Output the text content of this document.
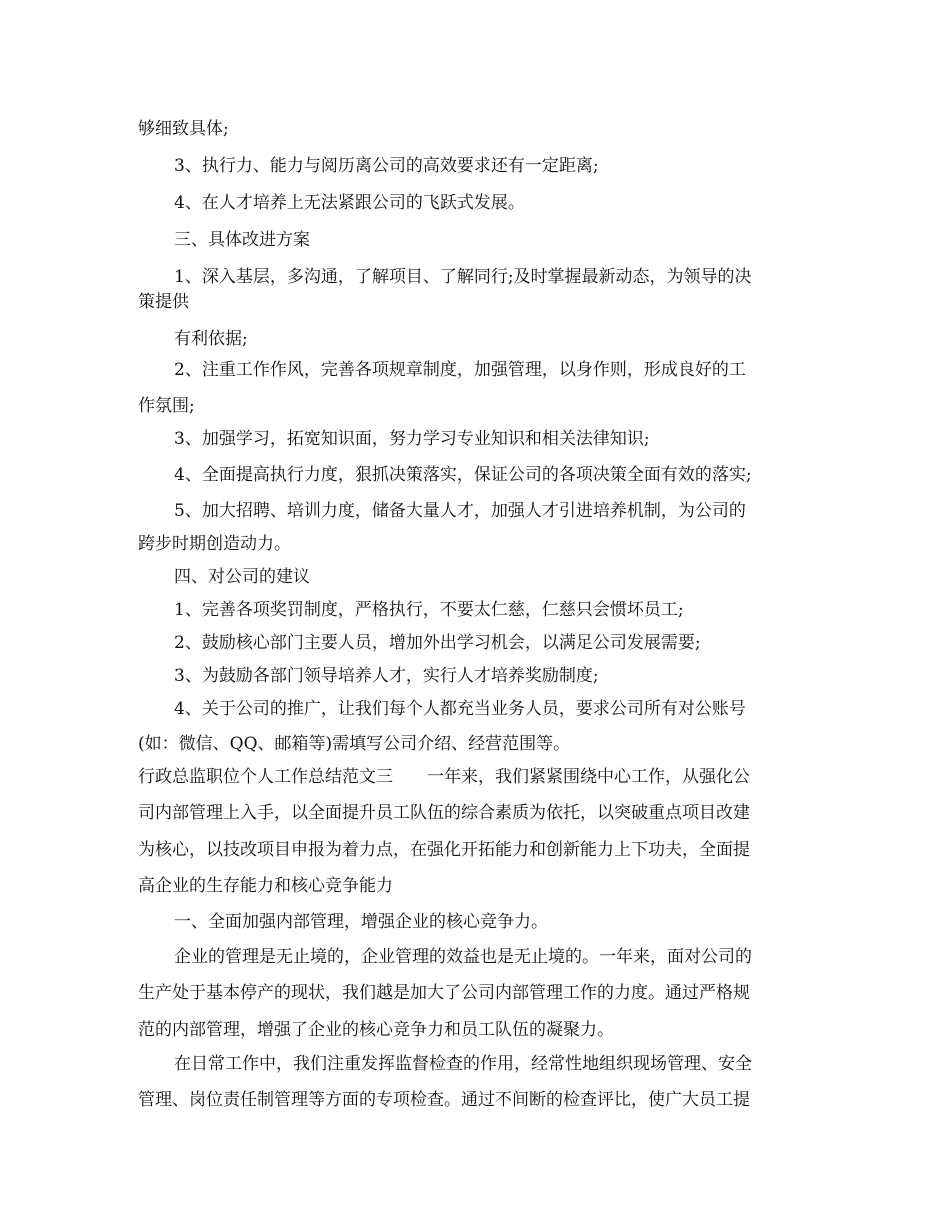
够细致具体;
3、执行力、能力与阅历离公司的高效要求还有一定距离;
4、在人才培养上无法紧跟公司的飞跃式发展。
三、具体改进方案
1、深入基层，多沟通，了解项目、了解同行;及时掌握最新动态，为领导的决
策提供
有利依据;
2、注重工作作风，完善各项规章制度，加强管理，以身作则，形成良好的工
作氛围;
3、加强学习，拓宽知识面，努力学习专业知识和相关法律知识;
4、全面提高执行力度，狠抓决策落实，保证公司的各项决策全面有效的落实;
5、加大招聘、培训力度，储备大量人才，加强人才引进培养机制，为公司的
跨步时期创造动力。
四、对公司的建议
1、完善各项奖罚制度，严格执行，不要太仁慈，仁慈只会惯坏员工;
2、鼓励核心部门主要人员，增加外出学习机会，以满足公司发展需要;
3、为鼓励各部门领导培养人才，实行人才培养奖励制度;
4、关于公司的推广，让我们每个人都充当业务人员，要求公司所有对公账号
(如：微信、QQ、邮箱等)需填写公司介绍、经营范围等。
行政总监职位个人工作总结范文三　　一年来，我们紧紧围绕中心工作，从强化公
司内部管理上入手，以全面提升员工队伍的综合素质为依托，以突破重点项目改建
为核心，以技改项目申报为着力点，在强化开拓能力和创新能力上下功夫，全面提
高企业的生存能力和核心竞争能力
一、全面加强内部管理，增强企业的核心竞争力。
企业的管理是无止境的，企业管理的效益也是无止境的。一年来，面对公司的
生产处于基本停产的现状，我们越是加大了公司内部管理工作的力度。通过严格规
范的内部管理，增强了企业的核心竞争力和员工队伍的凝聚力。
在日常工作中，我们注重发挥监督检查的作用，经常性地组织现场管理、安全
管理、岗位责任制管理等方面的专项检查。通过不间断的检查评比，使广大员工提
